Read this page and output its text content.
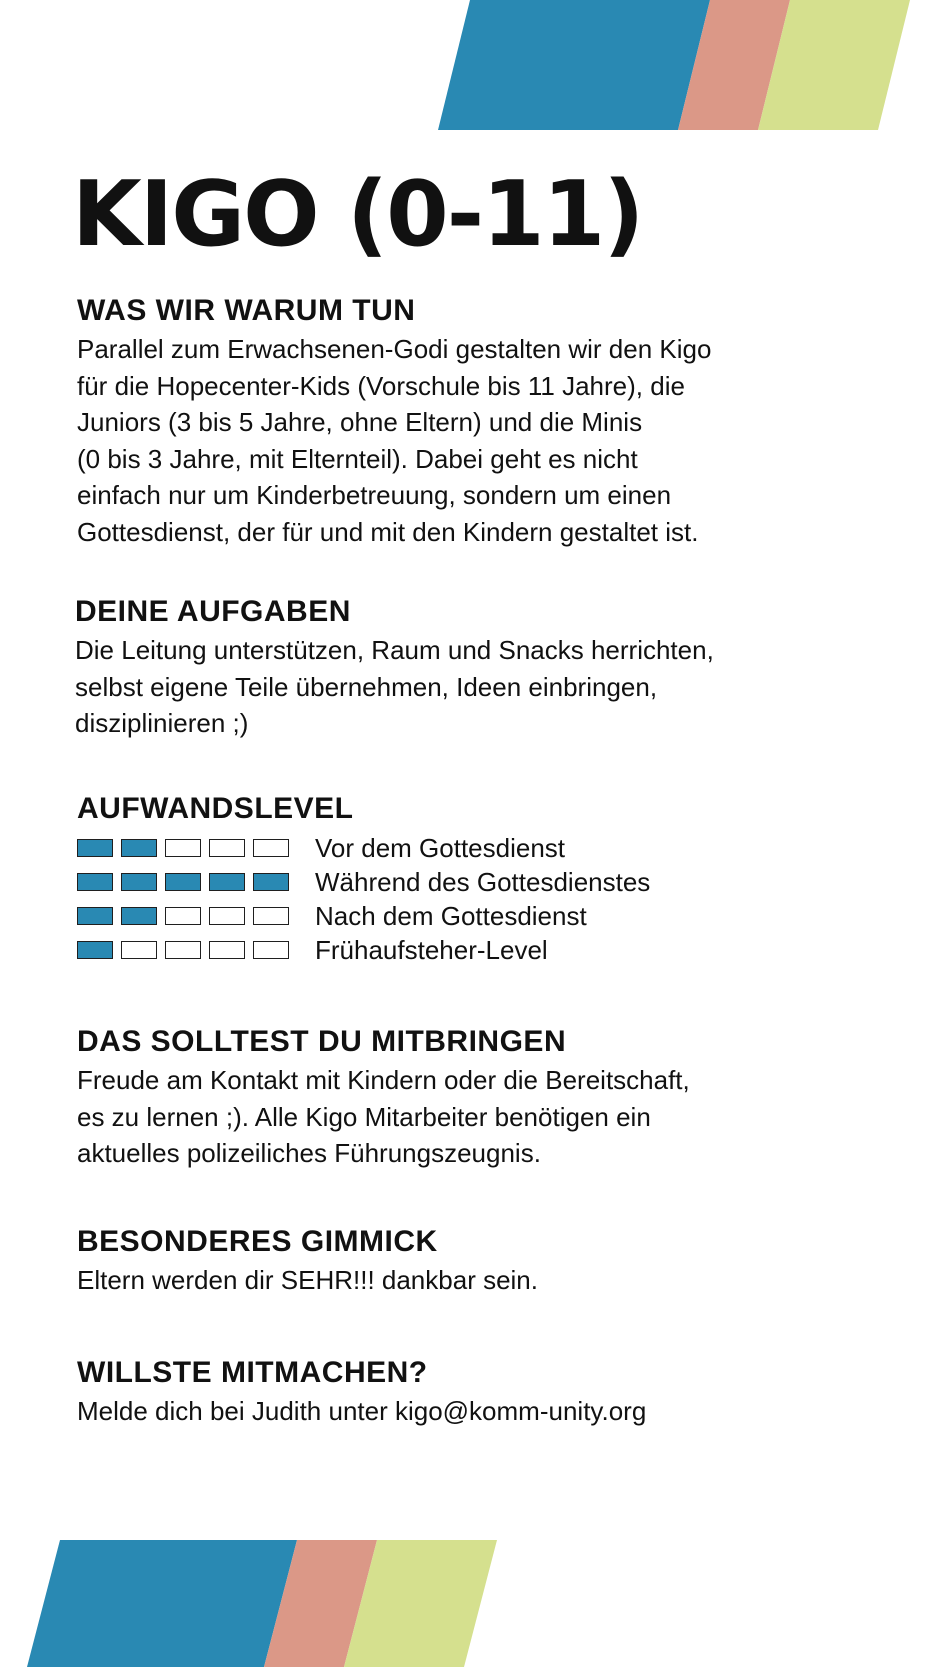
KIGO (0-11)
WAS WIR WARUM TUN

Parallel zum Erwachsenen-Godi gestalten wir den Kigo
für die Hopecenter-Kids (Vorschule bis 11 Jahre), die
Juniors (3 bis 5 Jahre, ohne Eltern) und die Minis
(0 bis 3 Jahre, mit Elternteil). Dabei geht es nicht
einfach nur um Kinderbetreuung, sondern um einen
Gottesdienst, der für und mit den Kindern gestaltet ist.

DEINE AUFGABEN

Die Leitung unterstützen, Raum und Snacks herrichten,
selbst eigene Teile übernehmen, Ideen einbringen,
disziplinieren ;)

AUFWANDSLEVEL
Vor dem Gottesdienst
Während des Gottesdienstes
Nach dem Gottesdienst
Frühaufsteher-Level
DAS SOLLTEST DU MITBRINGEN

Freude am Kontakt mit Kindern oder die Bereitschaft,
es zu lernen ;). Alle Kigo Mitarbeiter benötigen ein
aktuelles polizeiliches Führungszeugnis.

BESONDERES GIMMICK

Eltern werden dir SEHR!!! dankbar sein.

WILLSTE MITMACHEN?

Melde dich bei Judith unter kigo@komm-unity.org
